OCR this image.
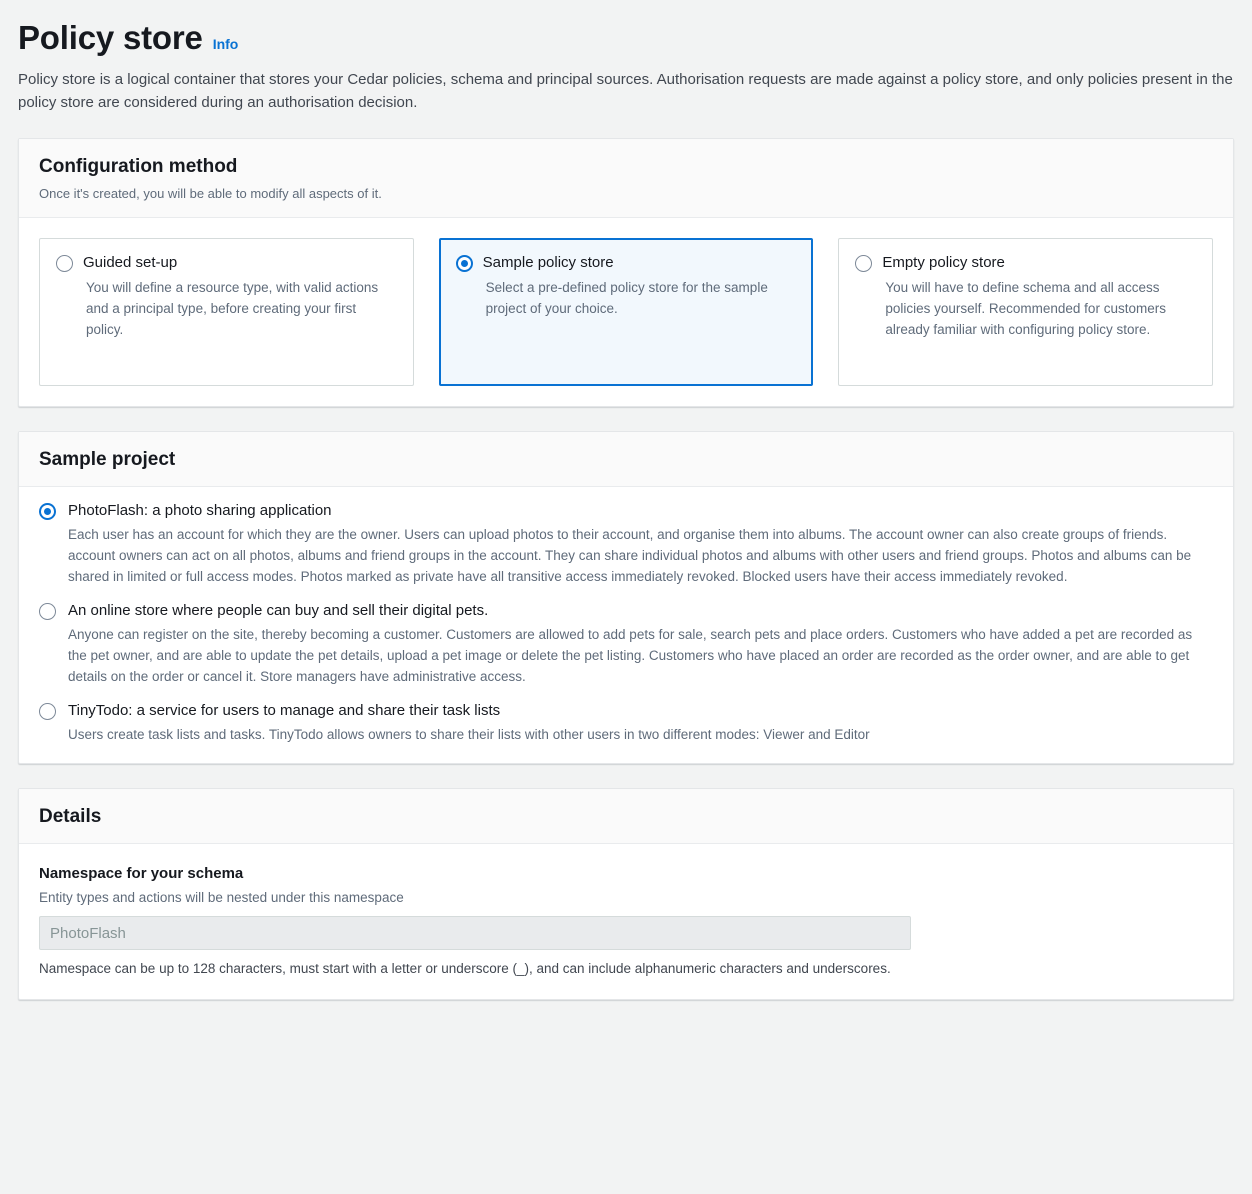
Policy store Info

Policy store is a logical container that stores your Cedar policies, schema and principal sources. Authorisation requests are made against a policy store, and only policies present in the policy store are considered during an authorisation decision.

Configuration method

Once it's created, you will be able to modify all aspects of it.

Guided set-up
You will define a resource type, with valid actions and a principal type, before creating your first policy.
Sample policy store
Select a pre-defined policy store for the sample project of your choice.
Empty policy store
You will have to define schema and all access policies yourself. Recommended for customers already familiar with configuring policy store.
Sample project
PhotoFlash: a photo sharing application
Each user has an account for which they are the owner. Users can upload photos to their account, and organise them into albums. The account owner can also create groups of friends. account owners can act on all photos, albums and friend groups in the account. They can share individual photos and albums with other users and friend groups. Photos and albums can be shared in limited or full access modes. Photos marked as private have all transitive access immediately revoked. Blocked users have their access immediately revoked.
An online store where people can buy and sell their digital pets.
Anyone can register on the site, thereby becoming a customer. Customers are allowed to add pets for sale, search pets and place orders. Customers who have added a pet are recorded as the pet owner, and are able to update the pet details, upload a pet image or delete the pet listing. Customers who have placed an order are recorded as the order owner, and are able to get details on the order or cancel it. Store managers have administrative access.
TinyTodo: a service for users to manage and share their task lists
Users create task lists and tasks. TinyTodo allows owners to share their lists with other users in two different modes: Viewer and Editor
Details
Namespace for your schema
Entity types and actions will be nested under this namespace
PhotoFlash
Namespace can be up to 128 characters, must start with a letter or underscore (_), and can include alphanumeric characters and underscores.
